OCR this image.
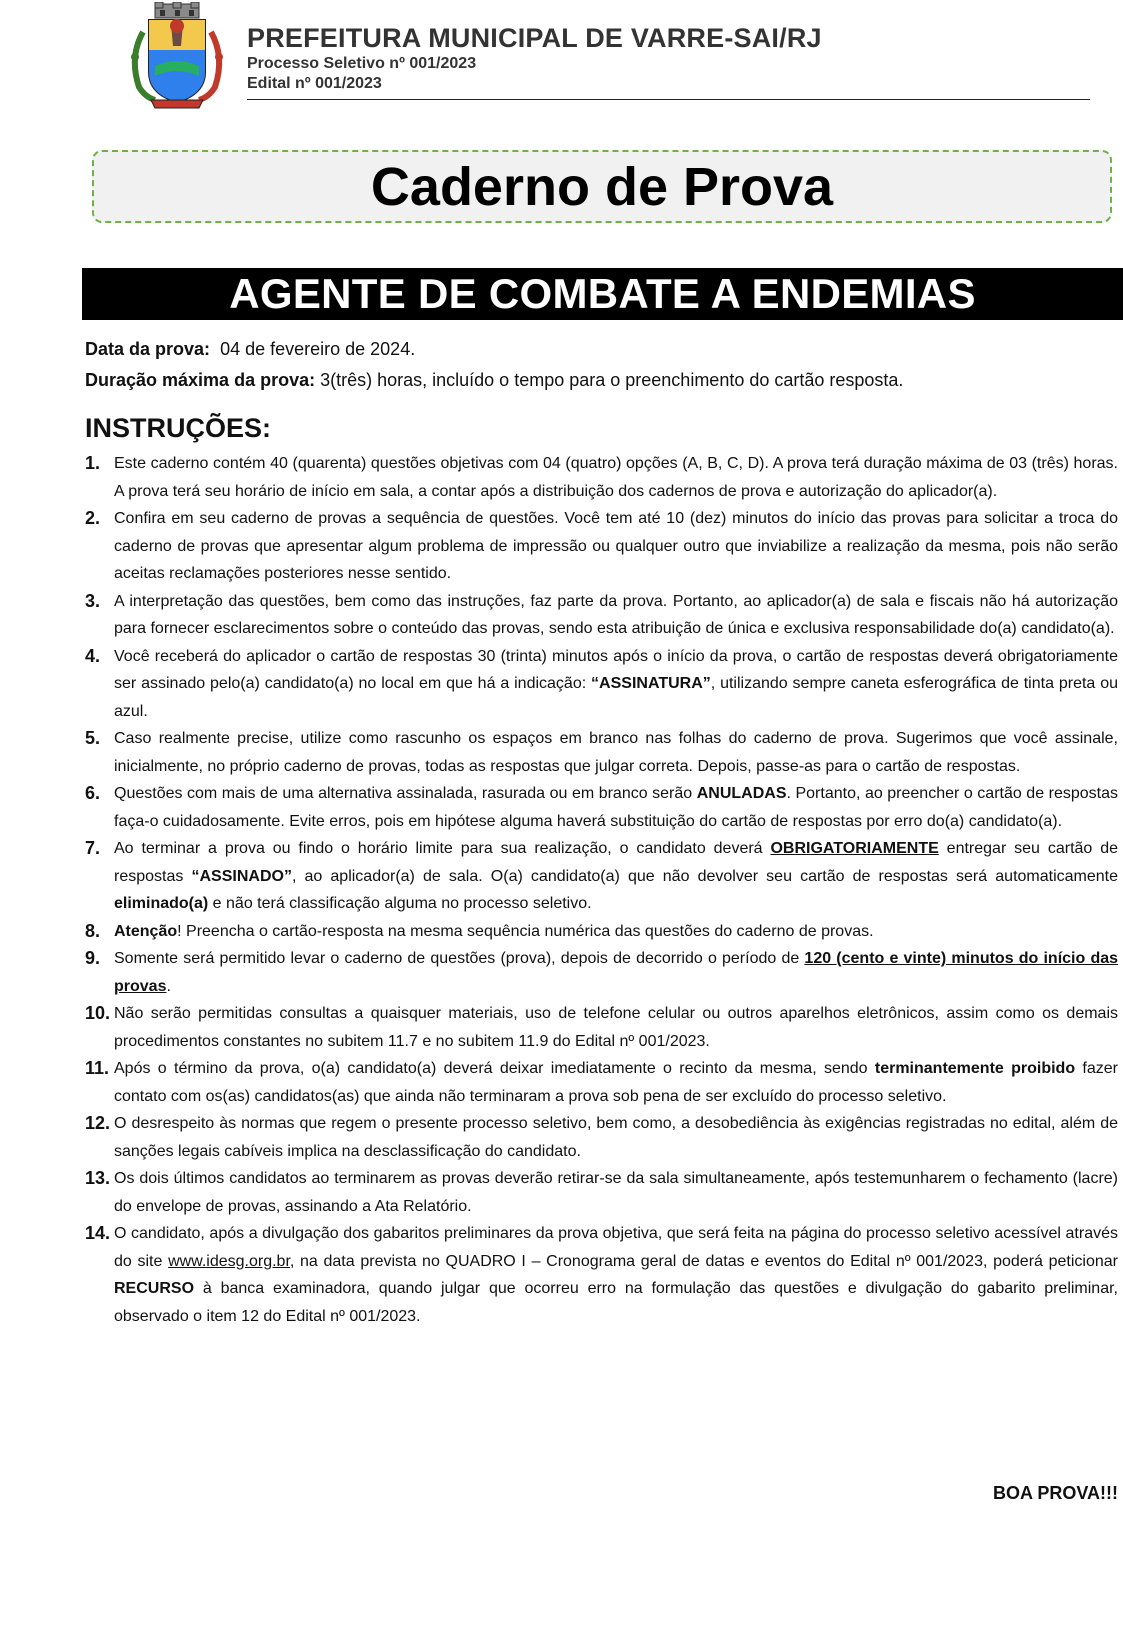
PREFEITURA MUNICIPAL DE VARRE-SAI/RJ
Processo Seletivo nº 001/2023
Edital nº 001/2023
Caderno de Prova
AGENTE DE COMBATE A ENDEMIAS
Data da prova: 04 de fevereiro de 2024.
Duração máxima da prova: 3(três) horas, incluído o tempo para o preenchimento do cartão resposta.
INSTRUÇÕES:
1. Este caderno contém 40 (quarenta) questões objetivas com 04 (quatro) opções (A, B, C, D). A prova terá duração máxima de 03 (três) horas. A prova terá seu horário de início em sala, a contar após a distribuição dos cadernos de prova e autorização do aplicador(a).
2. Confira em seu caderno de provas a sequência de questões. Você tem até 10 (dez) minutos do início das provas para solicitar a troca do caderno de provas que apresentar algum problema de impressão ou qualquer outro que inviabilize a realização da mesma, pois não serão aceitas reclamações posteriores nesse sentido.
3. A interpretação das questões, bem como das instruções, faz parte da prova. Portanto, ao aplicador(a) de sala e fiscais não há autorização para fornecer esclarecimentos sobre o conteúdo das provas, sendo esta atribuição de única e exclusiva responsabilidade do(a) candidato(a).
4. Você receberá do aplicador o cartão de respostas 30 (trinta) minutos após o início da prova, o cartão de respostas deverá obrigatoriamente ser assinado pelo(a) candidato(a) no local em que há a indicação: “ASSINATURA”, utilizando sempre caneta esferográfica de tinta preta ou azul.
5. Caso realmente precise, utilize como rascunho os espaços em branco nas folhas do caderno de prova. Sugerimos que você assinale, inicialmente, no próprio caderno de provas, todas as respostas que julgar correta. Depois, passe-as para o cartão de respostas.
6. Questões com mais de uma alternativa assinalada, rasurada ou em branco serão ANULADAS. Portanto, ao preencher o cartão de respostas faça-o cuidadosamente. Evite erros, pois em hipótese alguma haverá substituição do cartão de respostas por erro do(a) candidato(a).
7. Ao terminar a prova ou findo o horário limite para sua realização, o candidato deverá OBRIGATORIAMENTE entregar seu cartão de respostas “ASSINADO”, ao aplicador(a) de sala. O(a) candidato(a) que não devolver seu cartão de respostas será automaticamente eliminado(a) e não terá classificação alguma no processo seletivo.
8. Atenção! Preencha o cartão-resposta na mesma sequência numérica das questões do caderno de provas.
9. Somente será permitido levar o caderno de questões (prova), depois de decorrido o período de 120 (cento e vinte) minutos do início das provas.
10. Não serão permitidas consultas a quaisquer materiais, uso de telefone celular ou outros aparelhos eletrônicos, assim como os demais procedimentos constantes no subitem 11.7 e no subitem 11.9 do Edital nº 001/2023.
11. Após o término da prova, o(a) candidato(a) deverá deixar imediatamente o recinto da mesma, sendo terminantemente proibido fazer contato com os(as) candidatos(as) que ainda não terminaram a prova sob pena de ser excluído do processo seletivo.
12. O desrespeito às normas que regem o presente processo seletivo, bem como, a desobediência às exigências registradas no edital, além de sanções legais cabíveis implica na desclassificação do candidato.
13. Os dois últimos candidatos ao terminarem as provas deverão retirar-se da sala simultaneamente, após testemunharem o fechamento (lacre) do envelope de provas, assinando a Ata Relatório.
14. O candidato, após a divulgação dos gabaritos preliminares da prova objetiva, que será feita na página do processo seletivo acessível através do site www.idesg.org.br, na data prevista no QUADRO I – Cronograma geral de datas e eventos do Edital nº 001/2023, poderá peticionar RECURSO à banca examinadora, quando julgar que ocorreu erro na formulação das questões e divulgação do gabarito preliminar, observado o item 12 do Edital nº 001/2023.
BOA PROVA!!!
